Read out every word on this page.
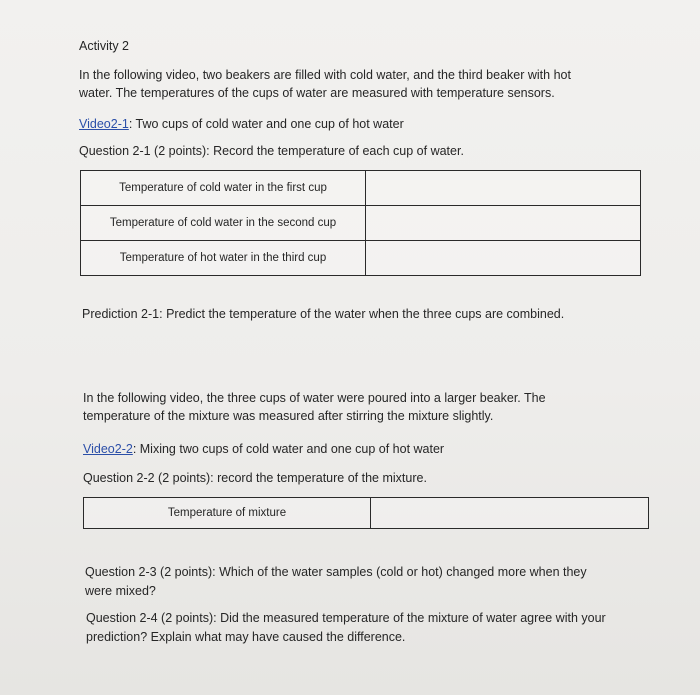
Activity 2
In the following video, two beakers are filled with cold water, and the third beaker with hot
water. The temperatures of the cups of water are measured with temperature sensors.
Video2-1: Two cups of cold water and one cup of hot water
Question 2-1 (2 points): Record the temperature of each cup of water.
Temperature of cold water in the first cup	
Temperature of cold water in the second cup	
Temperature of hot water in the third cup	
Prediction 2-1: Predict the temperature of the water when the three cups are combined.
In the following video, the three cups of water were poured into a larger beaker. The
temperature of the mixture was measured after stirring the mixture slightly.
Video2-2: Mixing two cups of cold water and one cup of hot water
Question 2-2 (2 points): record the temperature of the mixture.
Temperature of mixture	
Question 2-3 (2 points): Which of the water samples (cold or hot) changed more when they
were mixed?
Question 2-4 (2 points): Did the measured temperature of the mixture of water agree with your
prediction? Explain what may have caused the difference.
